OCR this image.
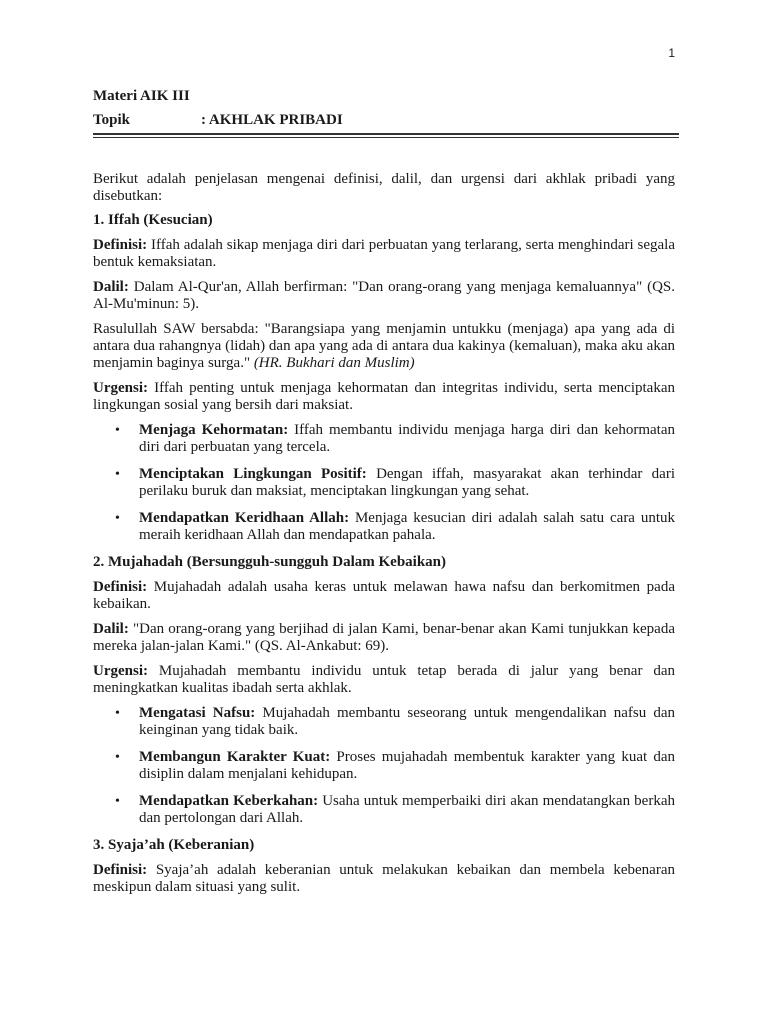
1
Materi AIK III
Topik	: AKHLAK PRIBADI

Berikut adalah penjelasan mengenai definisi, dalil, dan urgensi dari akhlak pribadi yang disebutkan:

1. Iffah (Kesucian)

Definisi: Iffah adalah sikap menjaga diri dari perbuatan yang terlarang, serta menghindari segala bentuk kemaksiatan.

Dalil: Dalam Al-Qur'an, Allah berfirman: "Dan orang-orang yang menjaga kemaluannya" (QS. Al-Mu'minun: 5).

Rasulullah SAW bersabda: "Barangsiapa yang menjamin untukku (menjaga) apa yang ada di antara dua rahangnya (lidah) dan apa yang ada di antara dua kakinya (kemaluan), maka aku akan menjamin baginya surga." (HR. Bukhari dan Muslim)

Urgensi: Iffah penting untuk menjaga kehormatan dan integritas individu, serta menciptakan lingkungan sosial yang bersih dari maksiat.

• Menjaga Kehormatan: Iffah membantu individu menjaga harga diri dan kehormatan diri dari perbuatan yang tercela.
• Menciptakan Lingkungan Positif: Dengan iffah, masyarakat akan terhindar dari perilaku buruk dan maksiat, menciptakan lingkungan yang sehat.
• Mendapatkan Keridhaan Allah: Menjaga kesucian diri adalah salah satu cara untuk meraih keridhaan Allah dan mendapatkan pahala.

2. Mujahadah (Bersungguh-sungguh Dalam Kebaikan)

Definisi: Mujahadah adalah usaha keras untuk melawan hawa nafsu dan berkomitmen pada kebaikan.

Dalil: "Dan orang-orang yang berjihad di jalan Kami, benar-benar akan Kami tunjukkan kepada mereka jalan-jalan Kami." (QS. Al-Ankabut: 69).

Urgensi: Mujahadah membantu individu untuk tetap berada di jalur yang benar dan meningkatkan kualitas ibadah serta akhlak.

• Mengatasi Nafsu: Mujahadah membantu seseorang untuk mengendalikan nafsu dan keinginan yang tidak baik.
• Membangun Karakter Kuat: Proses mujahadah membentuk karakter yang kuat dan disiplin dalam menjalani kehidupan.
• Mendapatkan Keberkahan: Usaha untuk memperbaiki diri akan mendatangkan berkah dan pertolongan dari Allah.

3. Syaja’ah (Keberanian)

Definisi: Syaja’ah adalah keberanian untuk melakukan kebaikan dan membela kebenaran meskipun dalam situasi yang sulit.
